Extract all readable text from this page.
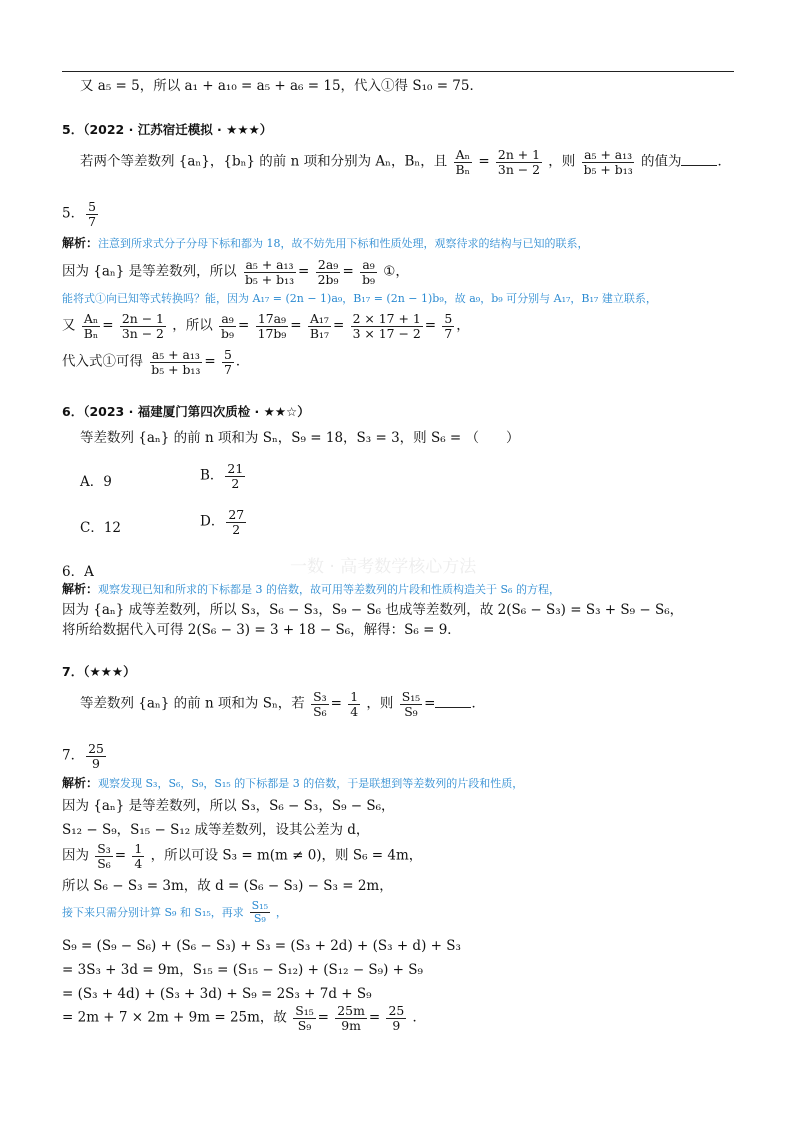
又 a₅ = 5，所以 a₁ + a₁₀ = a₅ + a₆ = 15，代入①得 S₁₀ = 75．
一数 · 高考数学核心方法
5．（2022 · 江苏宿迁模拟 · ★★★）
若两个等差数列 {aₙ}，{bₙ} 的前 n 项和分别为 Aₙ，Bₙ，且 $\frac{\text{Aₙ}}{\text{Bₙ}} = \frac{2n + 1}{3n - 2}$ ，则 $\frac{\text{a₅ + a₁₃}}{\text{b₅ + b₁₃}}$ 的值为	．
5． $\frac{5}{7}$
解析：注意到所求式分子分母下标和都为 18，故不妨先用下标和性质处理，观察待求的结构与已知的联系，
因为 {aₙ} 是等差数列，所以 $\frac{\text{a₅ + a₁₃}}{\text{b₅ + b₁₃}} = \frac{\text{2a₉}}{\text{2b₉}} = \frac{\text{a₉}}{\text{b₉}}$ ①，
能将式①向已知等式转换吗？能，因为 A₁₇ = (2n − 1)a₉，B₁₇ = (2n − 1)b₉，故 a₉，b₉ 可分别与 A₁₇，B₁₇ 建立联系，
又 $\frac{\text{Aₙ}}{\text{Bₙ}} = \frac{2n - 1}{3n - 2}$ ，所以 $\frac{\text{a₉}}{\text{b₉}} = \frac{\text{17a₉}}{\text{17b₉}} = \frac{\text{A₁₇}}{\text{B₁₇}} = \frac{2 \times 17 + 1}{3 \times 17 - 2} = \frac{5}{7}$ ，
代入式①可得 $\frac{\text{a₅ + a₁₃}}{\text{b₅ + b₁₃}} = \frac{5}{7}$ ．
6．（2023 · 福建厦门第四次质检 · ★★☆）
等差数列 {aₙ} 的前 n 项和为 Sₙ，S₉ = 18，S₃ = 3，则 S₆ = （　　）
A．9	B． $\frac{21}{2}$
C．12	D． $\frac{27}{2}$
6．A
解析：观察发现已知和所求的下标都是 3 的倍数，故可用等差数列的片段和性质构造关于 S₆ 的方程，
因为 {aₙ} 成等差数列，所以 S₃，S₆ − S₃，S₉ − S₆ 也成等差数列，故 2(S₆ − S₃) = S₃ + S₉ − S₆，
将所给数据代入可得 2(S₆ − 3) = 3 + 18 − S₆，解得：S₆ = 9．
7．（★★★）
等差数列 {aₙ} 的前 n 项和为 Sₙ，若 $\frac{\text{S₃}}{\text{S₆}} = \frac{1}{4}$ ，则 $\frac{\text{S₁₅}}{\text{S₉}}$ =	．
7． $\frac{25}{9}$
解析：观察发现 S₃，S₆，S₉，S₁₅ 的下标都是 3 的倍数，于是联想到等差数列的片段和性质，
因为 {aₙ} 是等差数列，所以 S₃，S₆ − S₃，S₉ − S₆，
S₁₂ − S₉，S₁₅ − S₁₂ 成等差数列，设其公差为 d，
因为 $\frac{\text{S₃}}{\text{S₆}} = \frac{1}{4}$ ，所以可设 S₃ = m(m ≠ 0)，则 S₆ = 4m，
所以 S₆ − S₃ = 3m，故 d = (S₆ − S₃) − S₃ = 2m，
接下来只需分别计算 S₉ 和 S₁₅，再求 $\frac{\text{S₁₅}}{\text{S₉}}$ ，
S₉ = (S₉ − S₆) + (S₆ − S₃) + S₃ = (S₃ + 2d) + (S₃ + d) + S₃
= 3S₃ + 3d = 9m，S₁₅ = (S₁₅ − S₁₂) + (S₁₂ − S₉) + S₉
= (S₃ + 4d) + (S₃ + 3d) + S₉ = 2S₃ + 7d + S₉
= 2m + 7 × 2m + 9m = 25m，故 $\frac{\text{S₁₅}}{\text{S₉}} = \frac{25m}{9m} = \frac{25}{9}$ ．
